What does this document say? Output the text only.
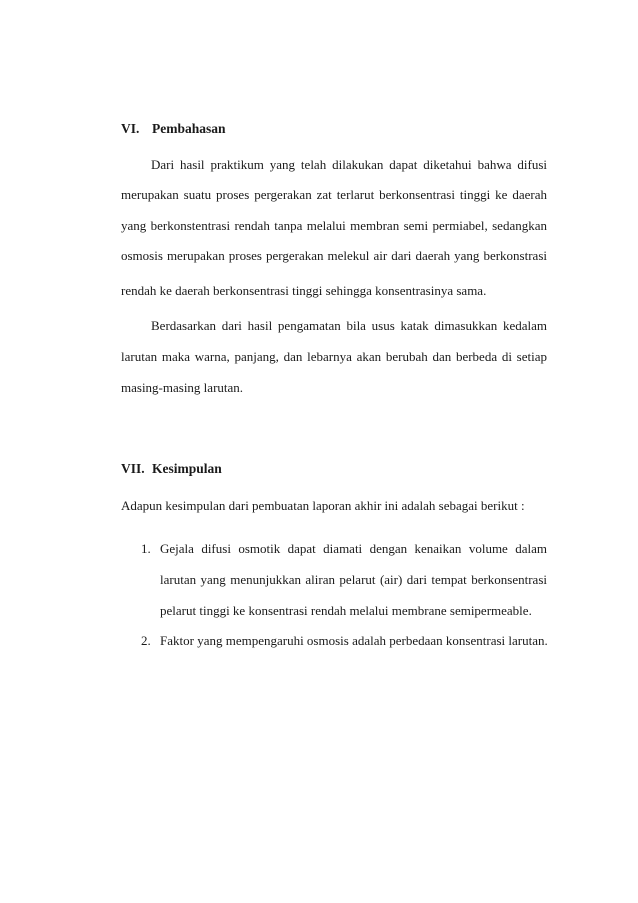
VI. Pembahasan
Dari hasil praktikum yang telah dilakukan dapat diketahui bahwa difusi
merupakan suatu proses pergerakan zat terlarut berkonsentrasi tinggi ke daerah
yang berkonstentrasi rendah tanpa melalui membran semi permiabel, sedangkan
osmosis merupakan proses pergerakan melekul air dari daerah yang berkonstrasi
rendah ke daerah berkonsentrasi tinggi sehingga konsentrasinya sama.
Berdasarkan dari hasil pengamatan bila usus katak dimasukkan kedalam
larutan maka warna, panjang, dan lebarnya akan berubah dan berbeda di setiap
masing-masing larutan.
VII. Kesimpulan
Adapun kesimpulan dari pembuatan laporan akhir ini adalah sebagai berikut :
1. Gejala difusi osmotik dapat diamati dengan kenaikan volume dalam
larutan yang menunjukkan aliran pelarut (air) dari tempat berkonsentrasi
pelarut tinggi ke konsentrasi rendah melalui membrane semipermeable.
2. Faktor yang mempengaruhi osmosis adalah perbedaan konsentrasi larutan.
